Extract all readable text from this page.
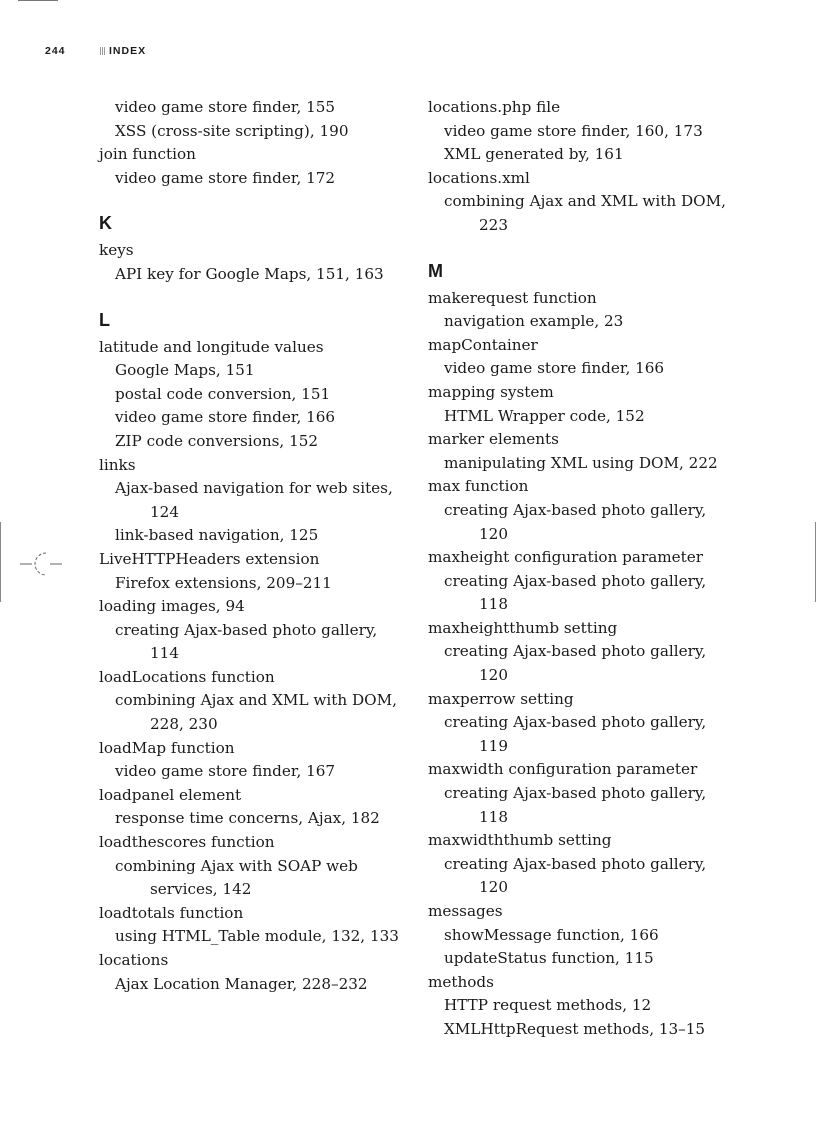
244	INDEX
video game store finder, 155
XSS (cross-site scripting), 190
join function
video game store finder, 172
K
keys
API key for Google Maps, 151, 163
L
latitude and longitude values
Google Maps, 151
postal code conversion, 151
video game store finder, 166
ZIP code conversions, 152
links
Ajax-based navigation for web sites,
124
link-based navigation, 125
LiveHTTPHeaders extension
Firefox extensions, 209–211
loading images, 94
creating Ajax-based photo gallery,
114
loadLocations function
combining Ajax and XML with DOM,
228, 230
loadMap function
video game store finder, 167
loadpanel element
response time concerns, Ajax, 182
loadthescores function
combining Ajax with SOAP web
services, 142
loadtotals function
using HTML_Table module, 132, 133
locations
Ajax Location Manager, 228–232
locations.php file
video game store finder, 160, 173
XML generated by, 161
locations.xml
combining Ajax and XML with DOM,
223
M
makerequest function
navigation example, 23
mapContainer
video game store finder, 166
mapping system
HTML Wrapper code, 152
marker elements
manipulating XML using DOM, 222
max function
creating Ajax-based photo gallery,
120
maxheight configuration parameter
creating Ajax-based photo gallery,
118
maxheightthumb setting
creating Ajax-based photo gallery,
120
maxperrow setting
creating Ajax-based photo gallery,
119
maxwidth configuration parameter
creating Ajax-based photo gallery,
118
maxwidththumb setting
creating Ajax-based photo gallery,
120
messages
showMessage function, 166
updateStatus function, 115
methods
HTTP request methods, 12
XMLHttpRequest methods, 13–15
